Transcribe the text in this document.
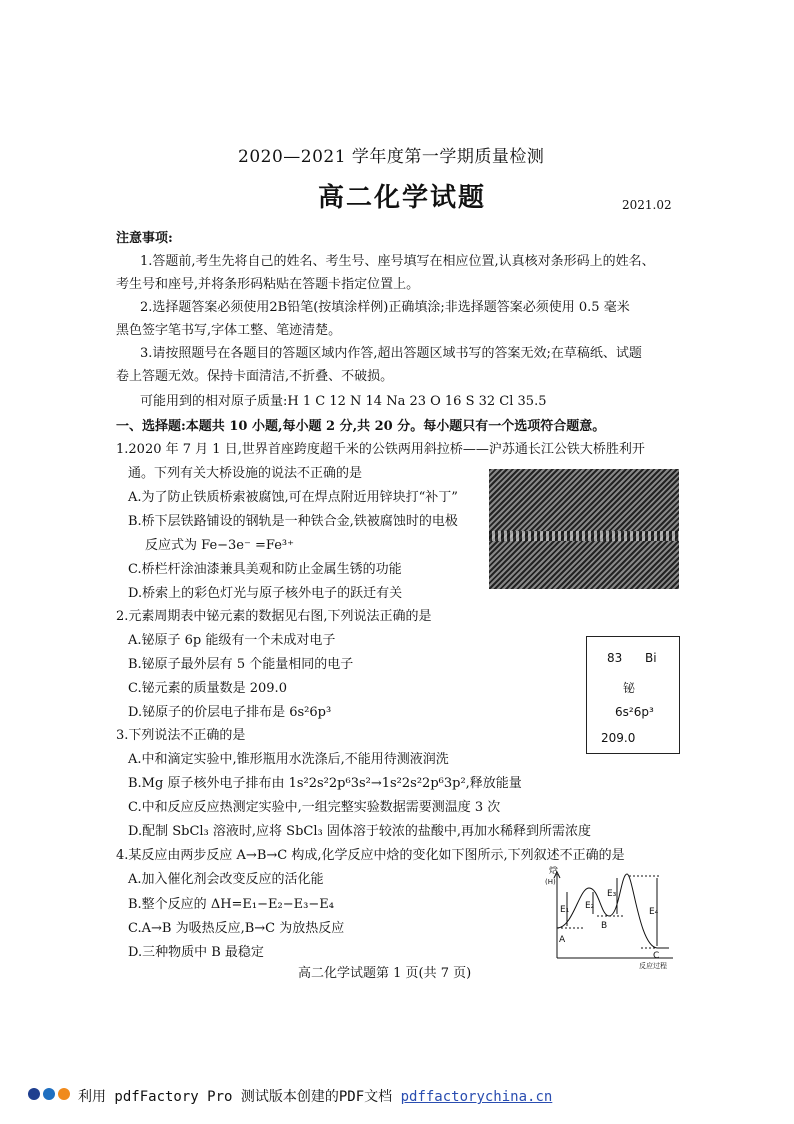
2020—2021 学年度第一学期质量检测
高二化学试题	2021.02
注意事项:
1.答题前,考生先将自己的姓名、考生号、座号填写在相应位置,认真核对条形码上的姓名、
考生号和座号,并将条形码粘贴在答题卡指定位置上。
2.选择题答案必须使用2B铅笔(按填涂样例)正确填涂;非选择题答案必须使用 0.5 毫米
黑色签字笔书写,字体工整、笔迹清楚。
3.请按照题号在各题目的答题区域内作答,超出答题区域书写的答案无效;在草稿纸、试题
卷上答题无效。保持卡面清洁,不折叠、不破损。
可能用到的相对原子质量:H 1 C 12 N 14 Na 23 O 16 S 32 Cl 35.5
一、选择题:本题共 10 小题,每小题 2 分,共 20 分。每小题只有一个选项符合题意。
1.2020 年 7 月 1 日,世界首座跨度超千米的公铁两用斜拉桥——沪苏通长江公铁大桥胜利开
通。下列有关大桥设施的说法不正确的是
A.为了防止铁质桥索被腐蚀,可在焊点附近用锌块打“补丁”
B.桥下层铁路铺设的钢轨是一种铁合金,铁被腐蚀时的电极
反应式为 Fe−3e⁻ =Fe³⁺
C.桥栏杆涂油漆兼具美观和防止金属生锈的功能
D.桥索上的彩色灯光与原子核外电子的跃迁有关
2.元素周期表中铋元素的数据见右图,下列说法正确的是
A.铋原子 6p 能级有一个未成对电子
B.铋原子最外层有 5 个能量相同的电子
C.铋元素的质量数是 209.0
D.铋原子的价层电子排布是 6s²6p³
83 Bi
铋
6s²6p³
209.0
3.下列说法不正确的是
A.中和滴定实验中,锥形瓶用水洗涤后,不能用待测液润洗
B.Mg 原子核外电子排布由 1s²2s²2p⁶3s²→1s²2s²2p⁶3p²,释放能量
C.中和反应反应热测定实验中,一组完整实验数据需要测温度 3 次
D.配制 SbCl₃ 溶液时,应将 SbCl₃ 固体溶于较浓的盐酸中,再加水稀释到所需浓度
4.某反应由两步反应 A→B→C 构成,化学反应中焓的变化如下图所示,下列叙述不正确的是
A.加入催化剂会改变反应的活化能
B.整个反应的 ΔH=E₁−E₂−E₃−E₄
C.A→B 为吸热反应,B→C 为放热反应
D.三种物质中 B 最稳定
焓
(H)
E₁ E₂
E₃
E₄
A
B
C
反应过程
高二化学试题第 1 页(共 7 页)
利用 pdfFactory Pro 测试版本创建的PDF文档 pdffactorychina.cn
